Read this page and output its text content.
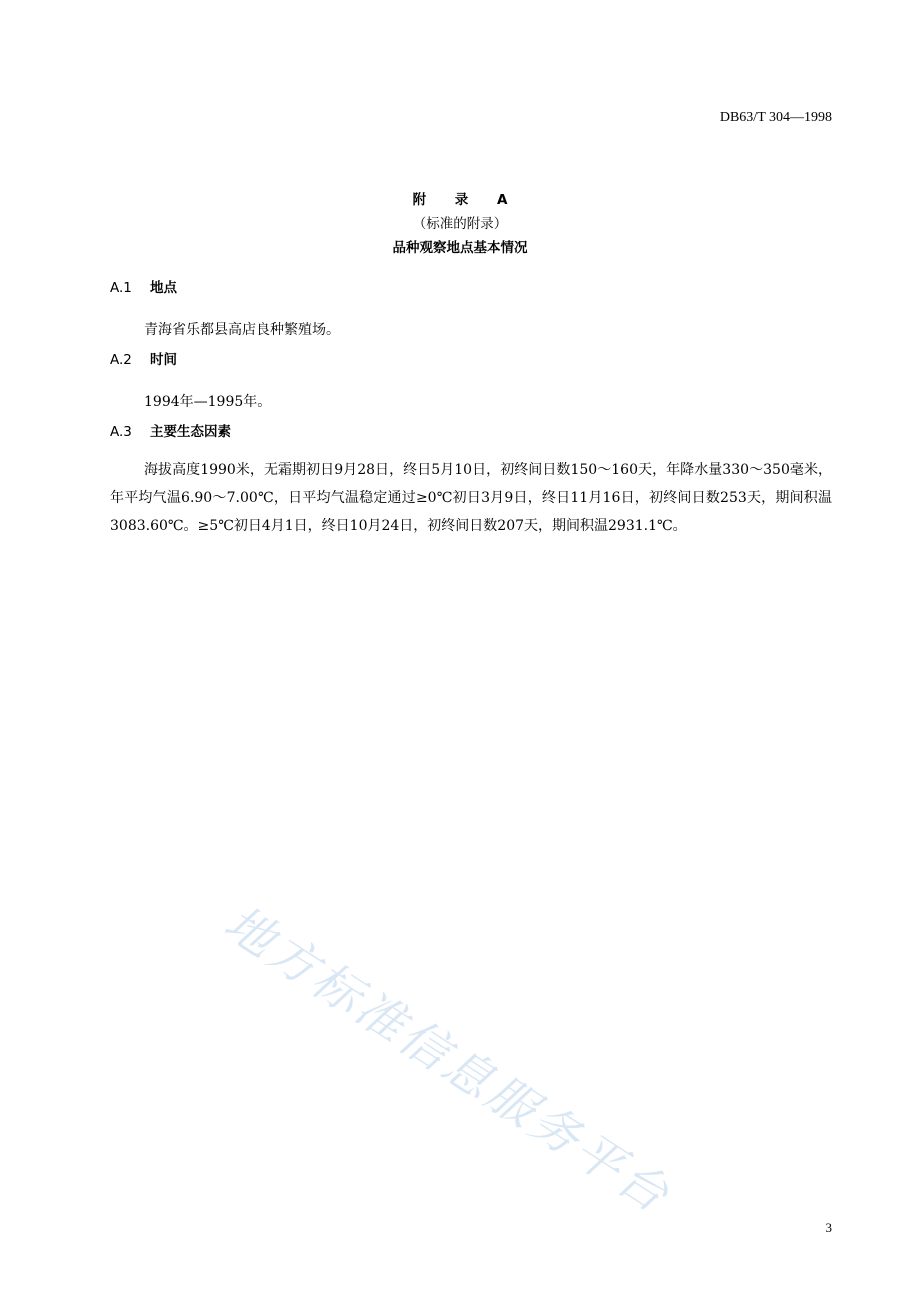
DB63/T 304—1998
附 录 A
（标准的附录）
品种观察地点基本情况
A.1 地点
青海省乐都县高店良种繁殖场。
A.2 时间
1994年—1995年。
A.3 主要生态因素
海拔高度1990米，无霜期初日9月28日，终日5月10日，初终间日数150～160天，年降水量330～350毫米，年平均气温6.90～7.00℃，日平均气温稳定通过≥0℃初日3月9日，终日11月16日，初终间日数253天，期间积温3083.60℃。≥5℃初日4月1日，终日10月24日，初终间日数207天，期间积温2931.1℃。
地方标准信息服务平台
3
